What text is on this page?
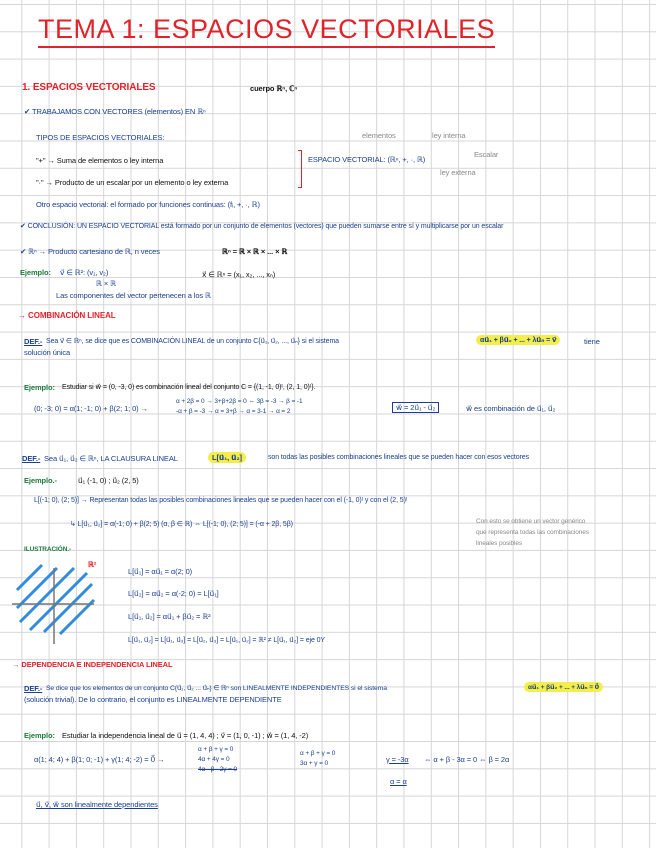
TEMA 1: ESPACIOS VECTORIALES
1. ESPACIOS VECTORIALES	cuerpo ℝⁿ, ℂⁿ
✔ TRABAJAMOS CON VECTORES (elementos) EN ℝⁿ
TIPOS DE ESPACIOS VECTORIALES:
"+" → Suma de elementos o ley interna
"·" → Producto de un escalar por un elemento o ley externa
ESPACIO VECTORIAL: (ℝⁿ, +, ·, ℝ)
elementos	ley interna
Escalar
ley externa
Otro espacio vectorial: el formado por funciones continuas: (fᵢ, +, ·, ℝ)
✔ CONCLUSIÓN: UN ESPACIO VECTORIAL está formado por un conjunto de elementos (vectores) que pueden sumarse entre sí y multiplicarse por un escalar
✔ ℝⁿ → Producto cartesiano de ℝ, n veces	ℝⁿ = ℝ × ℝ × ... × ℝ
Ejemplo: v⃗ ∈ ℝ²: (v₁, v₂)
ℝ × ℝ
x⃗ ∈ ℝⁿ = (x₁, x₂, ..., xₙ)
Las componentes del vector pertenecen a los ℝ
→ COMBINACIÓN LINEAL
DEF.- Sea v⃗ ∈ ℝⁿ, se dice que es COMBINACIÓN LINEAL de un conjunto C{u⃗₁, u⃗₂, ..., u⃗ₙ} si el sistema	αu⃗₁ + βu⃗₂ + ... + λu⃗ₙ = v⃗	tiene
solución única
Ejemplo: Estudiar si w⃗ = (0, -3, 0) es combinación lineal del conjunto C = {(1, -1, 0)ᵗ, (2, 1, 0)ᵗ}.
(0; -3; 0) = α(1; -1; 0) + β(2; 1; 0) →
α + 2β = 0 → 3+β+2β = 0 ⇔ 3β = -3 → β = -1
-α + β = -3 → α = 3+β → α = 3-1 → α = 2	w⃗ = 2u⃗₁ - u⃗₂	w⃗ es combinación de u⃗₁, u⃗₂
DEF.- Sea u⃗₁, u⃗₂ ∈ ℝⁿ, LA CLAUSURA LINEAL	L[u⃗₁, u⃗₂]	son todas las posibles combinaciones lineales que se pueden hacer con esos vectores
Ejemplo.-	u⃗₁ (-1, 0) ; u⃗₂ (2, 5)
L[(-1; 0), (2; 5)] → Representan todas las posibles combinaciones lineales que se pueden hacer con el (-1, 0)ᵗ y con el (2, 5)ᵗ
↳ L[u⃗₁, u⃗₂] = α(-1; 0) + β(2; 5) (α, β ∈ ℝ) ⇔ L[(-1; 0), (2; 5)] = (-α + 2β, 5β)	Con esto se obtiene un vector genérico
que representa todas las combinaciones
lineales posibles
ILUSTRACIÓN.-
ℝ²
L[u⃗₁] = αu⃗₁ = α(2; 0)
L[u⃗₂] = αu⃗₂ = α(-2; 0) = L[u⃗₁]
L[u⃗₁, u⃗₂] = αu⃗₁ + βu⃗₂ = ℝ²
L[u⃗₁, u⃗₂] = L[u⃗₁, u⃗₃] = L[u⃗₂, u⃗₃] = L[u⃗₁, u⃗₂] = ℝ² ≠ L[u⃗₁, u⃗₂] = eje 0Y
→ DEPENDENCIA E INDEPENDENCIA LINEAL
DEF.- Se dice que los elementos de un conjunto C{u⃗₁, u⃗₂ ... u⃗ₙ} ∈ ℝⁿ son LINEALMENTE INDEPENDIENTES si el sistema	αu⃗₁ + βu⃗₂ + ... + λu⃗ₙ = 0⃗
(solución trivial). De lo contrario, el conjunto es LINEALMENTE DEPENDIENTE
Ejemplo: Estudiar la independencia lineal de u⃗ = (1, 4, 4) ; v⃗ = (1, 0, -1) ; w⃗ = (1, 4, -2)
α(1; 4; 4) + β(1; 0; -1) + γ(1; 4; -2) = 0⃗ →
α + β + γ = 0
4α + 4γ = 0
4α - β - 2γ = 0
α + β + γ = 0
3α + γ = 0	γ = -3α ⇔ α + β - 3α = 0 ⇔ β = 2α
α = α
u⃗, v⃗, w⃗ son linealmente dependientes
